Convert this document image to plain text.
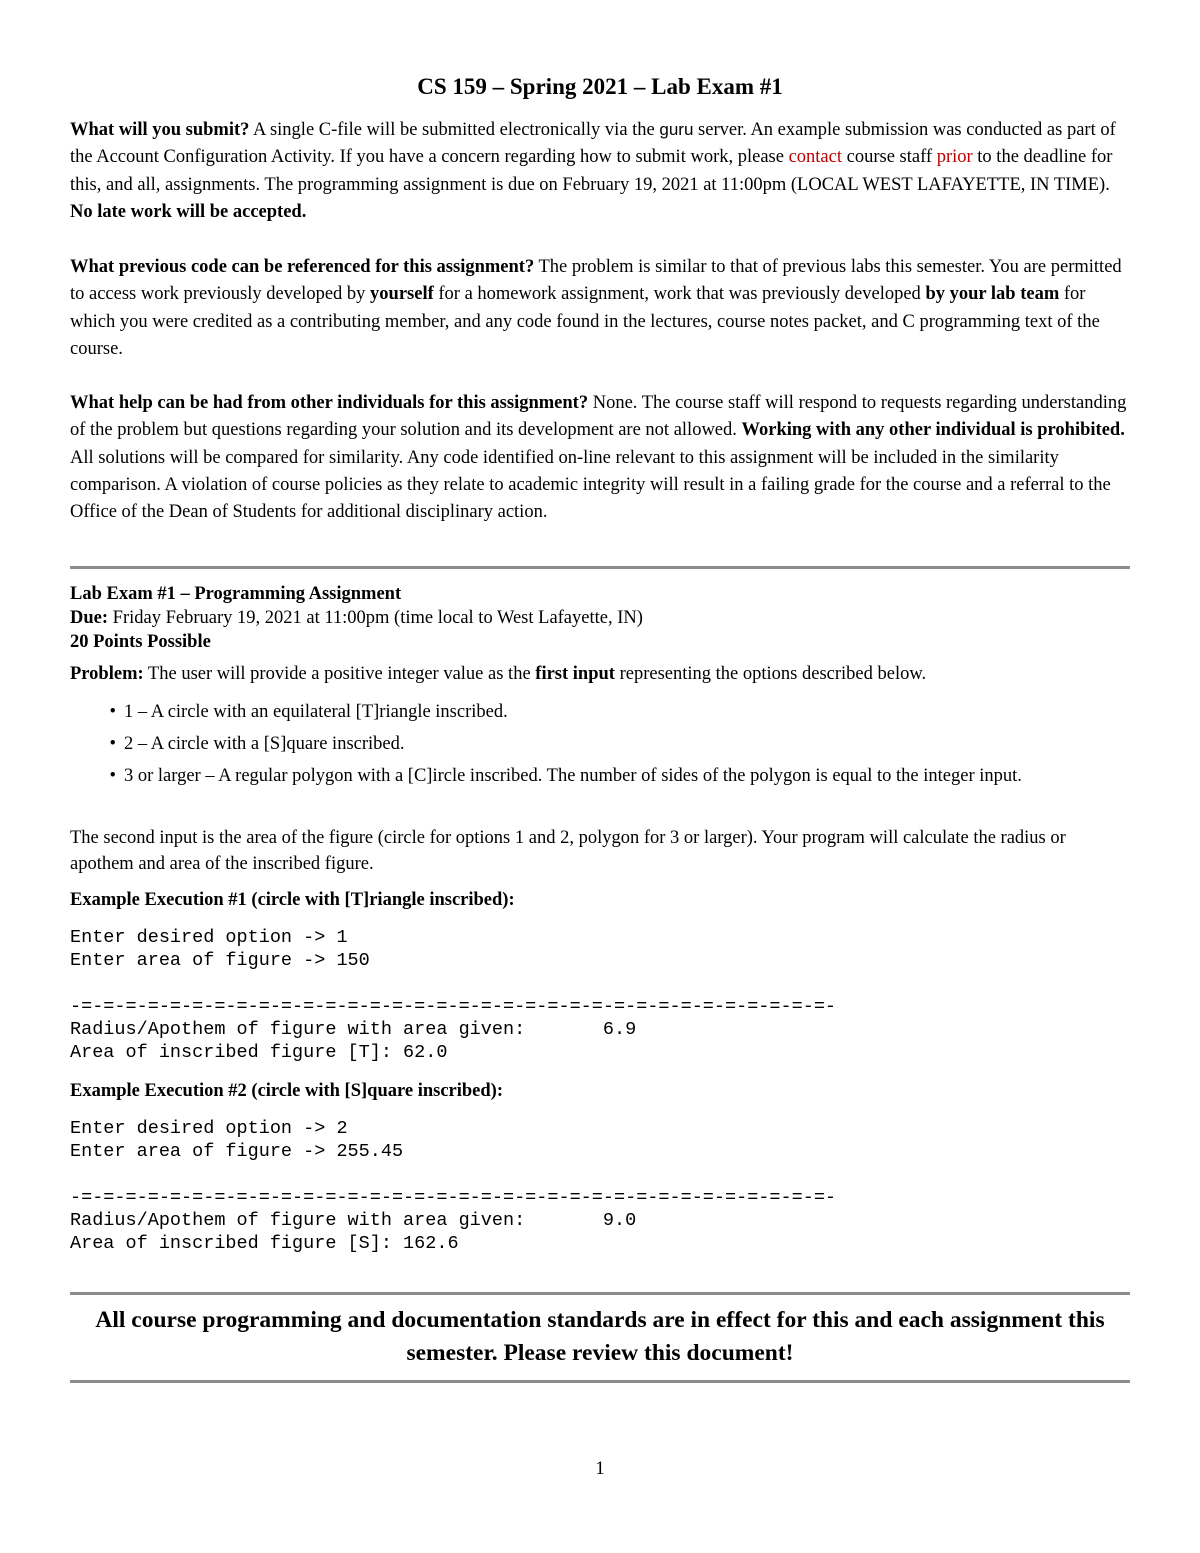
CS 159 – Spring 2021 – Lab Exam #1

What will you submit? A single C-file will be submitted electronically via the guru server. An example submission was conducted as part of the Account Configuration Activity. If you have a concern regarding how to submit work, please contact course staff prior to the deadline for this, and all, assignments. The programming assignment is due on February 19, 2021 at 11:00pm (LOCAL WEST LAFAYETTE, IN TIME). No late work will be accepted.

What previous code can be referenced for this assignment? The problem is similar to that of previous labs this semester. You are permitted to access work previously developed by yourself for a homework assignment, work that was previously developed by your lab team for which you were credited as a contributing member, and any code found in the lectures, course notes packet, and C programming text of the course.

What help can be had from other individuals for this assignment? None. The course staff will respond to requests regarding understanding of the problem but questions regarding your solution and its development are not allowed. Working with any other individual is prohibited. All solutions will be compared for similarity. Any code identified on-line relevant to this assignment will be included in the similarity comparison. A violation of course policies as they relate to academic integrity will result in a failing grade for the course and a referral to the Office of the Dean of Students for additional disciplinary action.

Lab Exam #1 – Programming Assignment
Due: Friday February 19, 2021 at 11:00pm (time local to West Lafayette, IN)
20 Points Possible
Problem: The user will provide a positive integer value as the first input representing the options described below.
• 1 – A circle with an equilateral [T]riangle inscribed.
• 2 – A circle with a [S]quare inscribed.
• 3 or larger – A regular polygon with a [C]ircle inscribed. The number of sides of the polygon is equal to the integer input.
The second input is the area of the figure (circle for options 1 and 2, polygon for 3 or larger). Your program will calculate the radius or apothem and area of the inscribed figure.
Example Execution #1 (circle with [T]riangle inscribed):
Enter desired option -> 1
Enter area of figure -> 150

-=-=-=-=-=-=-=-=-=-=-=-=-=-=-=-=-=-=-=-=-=-=-=-=-=-=-=-=-=-=-=-=-=-=-
Radius/Apothem of figure with area given:       6.9
Area of inscribed figure [T]: 62.0
Example Execution #2 (circle with [S]quare inscribed):
Enter desired option -> 2
Enter area of figure -> 255.45

-=-=-=-=-=-=-=-=-=-=-=-=-=-=-=-=-=-=-=-=-=-=-=-=-=-=-=-=-=-=-=-=-=-=-
Radius/Apothem of figure with area given:       9.0
Area of inscribed figure [S]: 162.6
All course programming and documentation standards are in effect for this and each assignment this semester. Please review this document!
1
